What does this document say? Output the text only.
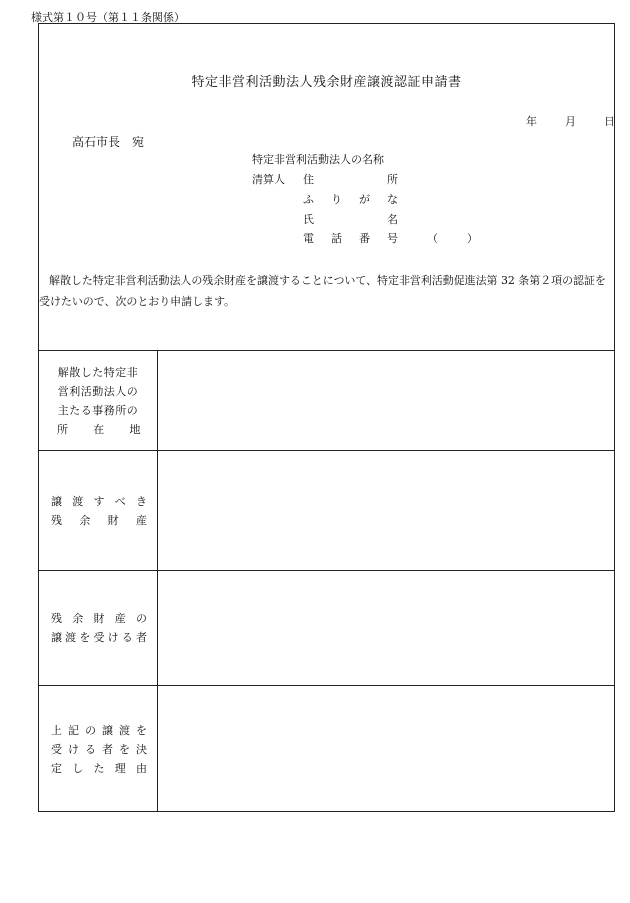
様式第１０号（第１１条関係）
特定非営利活動法人残余財産譲渡認証申請書
年	月	日
高石市長　宛
特定非営利活動法人の名称
清算人 住	所
ふ り が な
氏	名
電 話 番 号	（	）
解散した特定非営利活動法人の残余財産を譲渡することについて、特定非営利活動促進法第 32 条第２項の認証を受けたいので、次のとおり申請します。
解散した特定非
営利活動法人の
主たる事務所の
所 在 地
譲 渡 す べ き
残 余 財 産
残 余 財 産 の
譲 渡 を 受 け る 者
上 記 の 譲 渡 を
受 け る 者 を 決
定 し た 理 由
